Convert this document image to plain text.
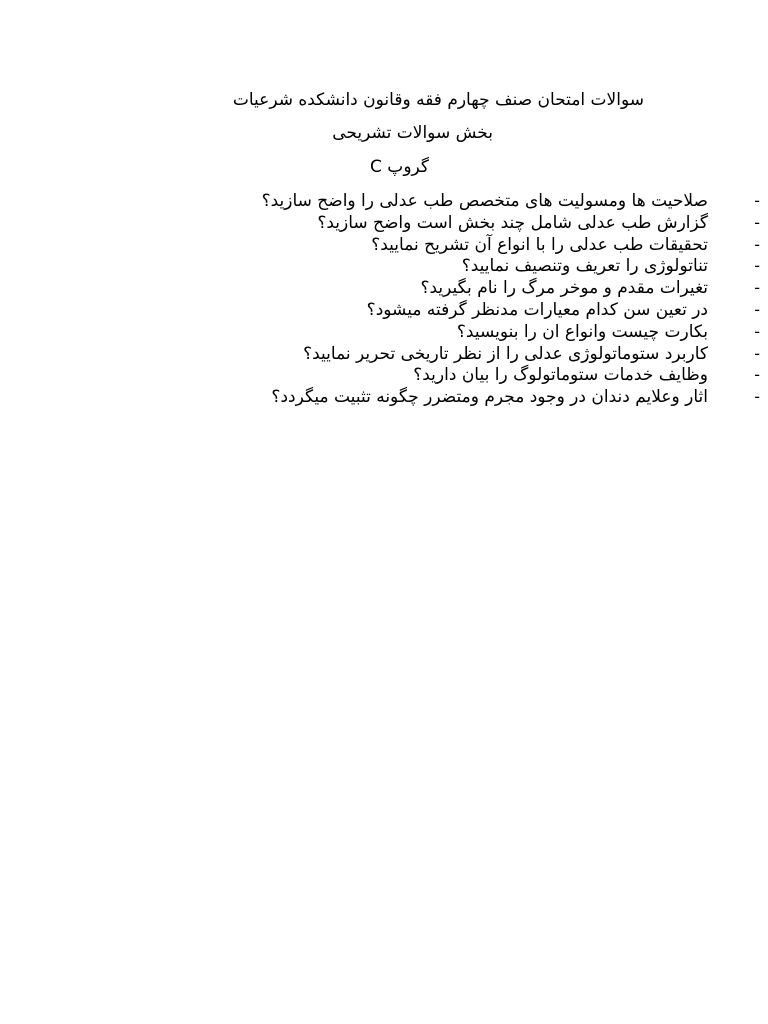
سوالات امتحان صنف چهارم فقه وقانون دانشکده شرعیات
بخش سوالات تشریحی
گروپ C
-
صلاحیت ها ومسولیت های متخصص طب عدلی را واضح سازید؟
-
گزارش طب عدلی شامل چند بخش است واضح سازید؟
-
تحقیقات طب عدلی را با انواع آن تشریح نمایید؟
-
تناتولوژی را تعریف وتنصیف نمایید؟
-
تغیرات مقدم و موخر مرگ را نام بگیرید؟
-
در تعین سن کدام معیارات مدنظر گرفته میشود؟
-
بکارت چیست وانواع ان را بنویسید؟
-
کاربرد ستوماتولوژی عدلی را از نظر تاریخی تحریر نمایید؟
-
وظایف خدمات ستوماتولوگ را بیان دارید؟
-
اثار وعلایم دندان در وجود مجرم ومتضرر چگونه تثبیت میگردد؟
